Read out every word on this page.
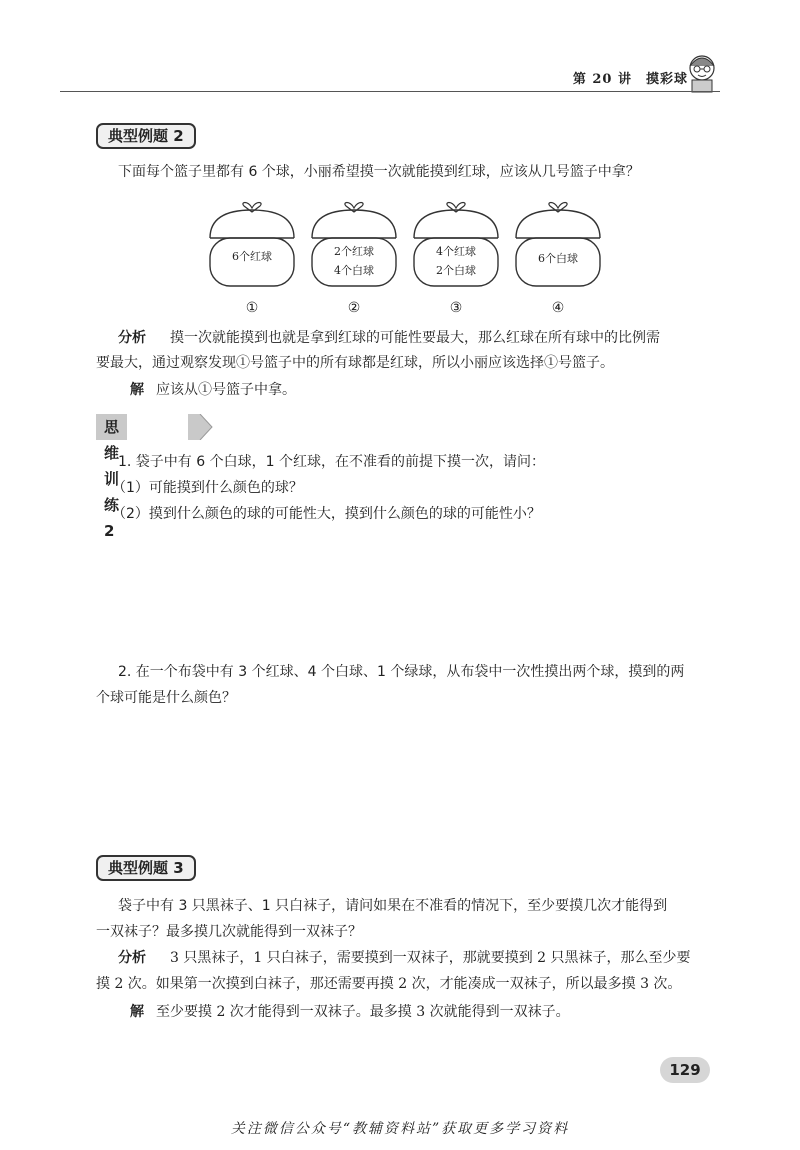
第 20 讲　摸彩球
典型例题 2
下面每个篮子里都有 6 个球，小丽希望摸一次就能摸到红球，应该从几号篮子中拿？
6个红球
①
2个红球
4个白球
②
4个红球
2个白球
③
6个白球
④
分析 摸一次就能摸到也就是拿到红球的可能性要最大，那么红球在所有球中的比例需
要最大，通过观察发现①号篮子中的所有球都是红球，所以小丽应该选择①号篮子。
解 应该从①号篮子中拿。
思维训练 2
1. 袋子中有 6 个白球，1 个红球，在不准看的前提下摸一次，请问：
（1）可能摸到什么颜色的球？
（2）摸到什么颜色的球的可能性大，摸到什么颜色的球的可能性小？
2. 在一个布袋中有 3 个红球、4 个白球、1 个绿球，从布袋中一次性摸出两个球，摸到的两
个球可能是什么颜色？
典型例题 3
袋子中有 3 只黑袜子、1 只白袜子，请问如果在不准看的情况下，至少要摸几次才能得到
一双袜子？最多摸几次就能得到一双袜子？
分析 3 只黑袜子，1 只白袜子，需要摸到一双袜子，那就要摸到 2 只黑袜子，那么至少要
摸 2 次。如果第一次摸到白袜子，那还需要再摸 2 次，才能凑成一双袜子，所以最多摸 3 次。
解 至少要摸 2 次才能得到一双袜子。最多摸 3 次就能得到一双袜子。
129
关注微信公众号“教辅资料站”获取更多学习资料
